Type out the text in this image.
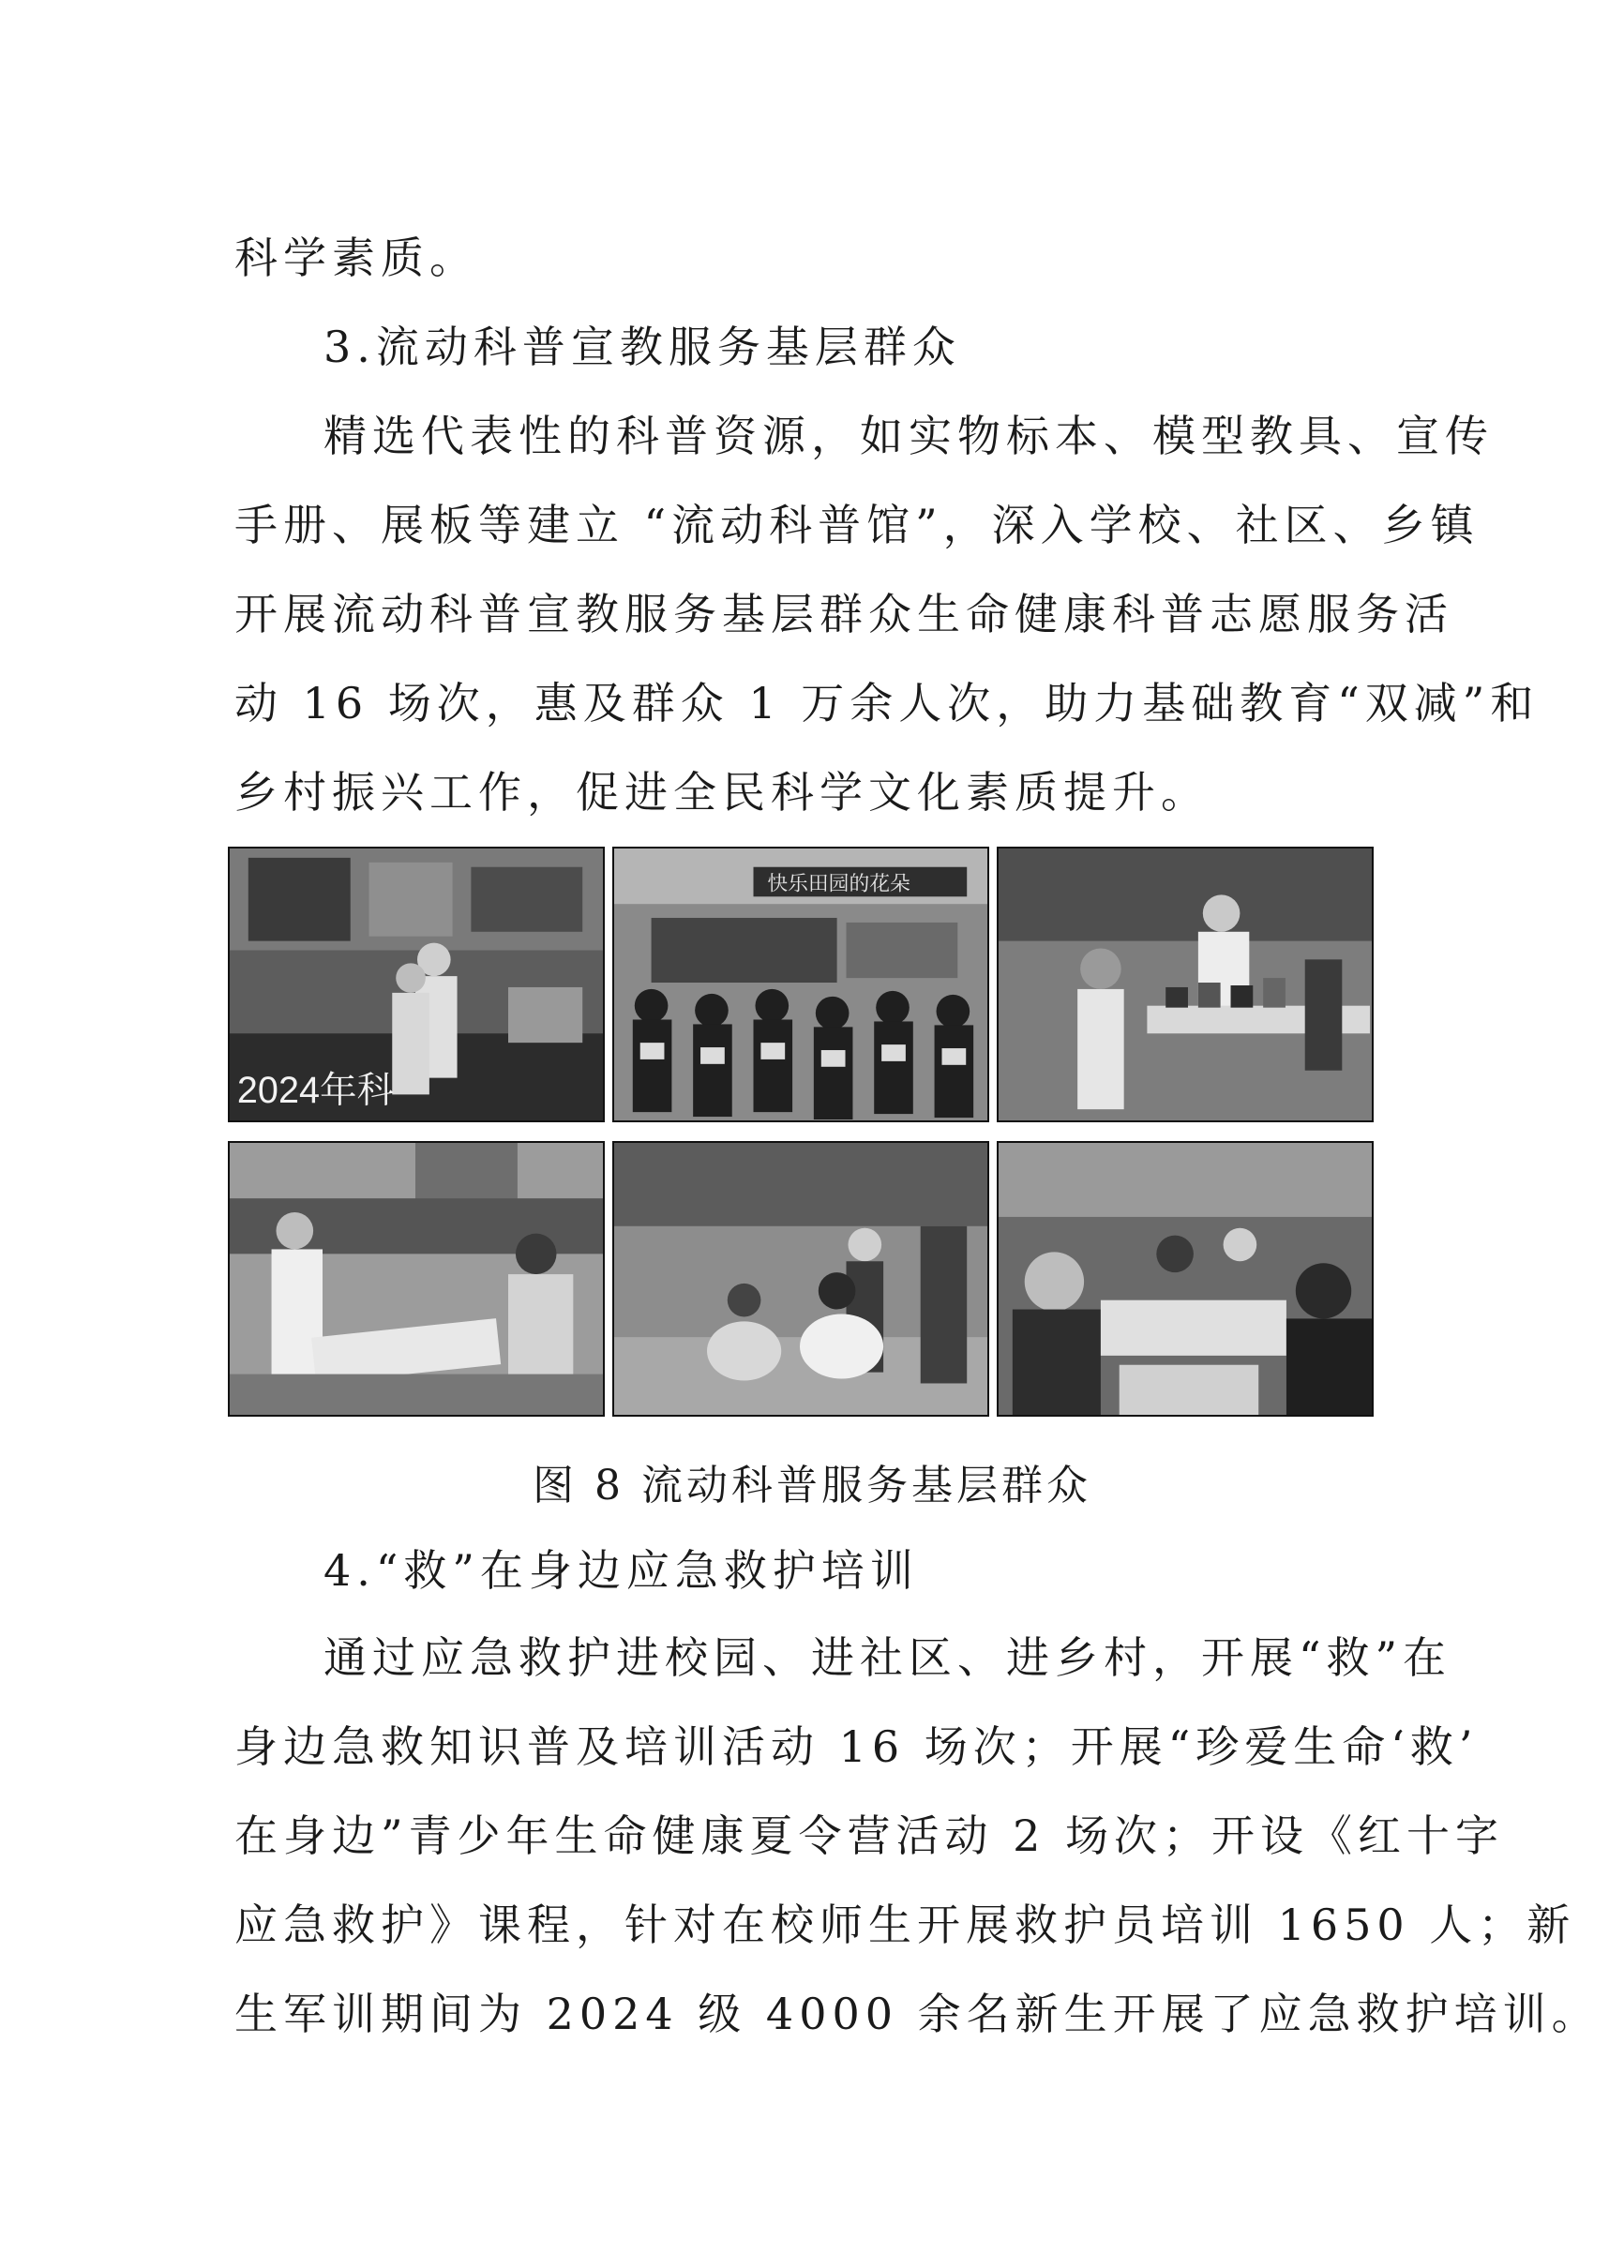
科学素质。
3.流动科普宣教服务基层群众
精选代表性的科普资源，如实物标本、模型教具、宣传
手册、展板等建立 “流动科普馆”，深入学校、社区、乡镇
开展流动科普宣教服务基层群众生命健康科普志愿服务活
动 16 场次，惠及群众 1 万余人次，助力基础教育“双减”和
乡村振兴工作，促进全民科学文化素质提升。
2024年科
快乐田园的花朵
图 8 流动科普服务基层群众
4.“救”在身边应急救护培训
通过应急救护进校园、进社区、进乡村，开展“救”在
身边急救知识普及培训活动 16 场次；开展“珍爱生命‘救’
在身边”青少年生命健康夏令营活动 2 场次；开设《红十字
应急救护》课程，针对在校师生开展救护员培训 1650 人；新
生军训期间为 2024 级 4000 余名新生开展了应急救护培训。
